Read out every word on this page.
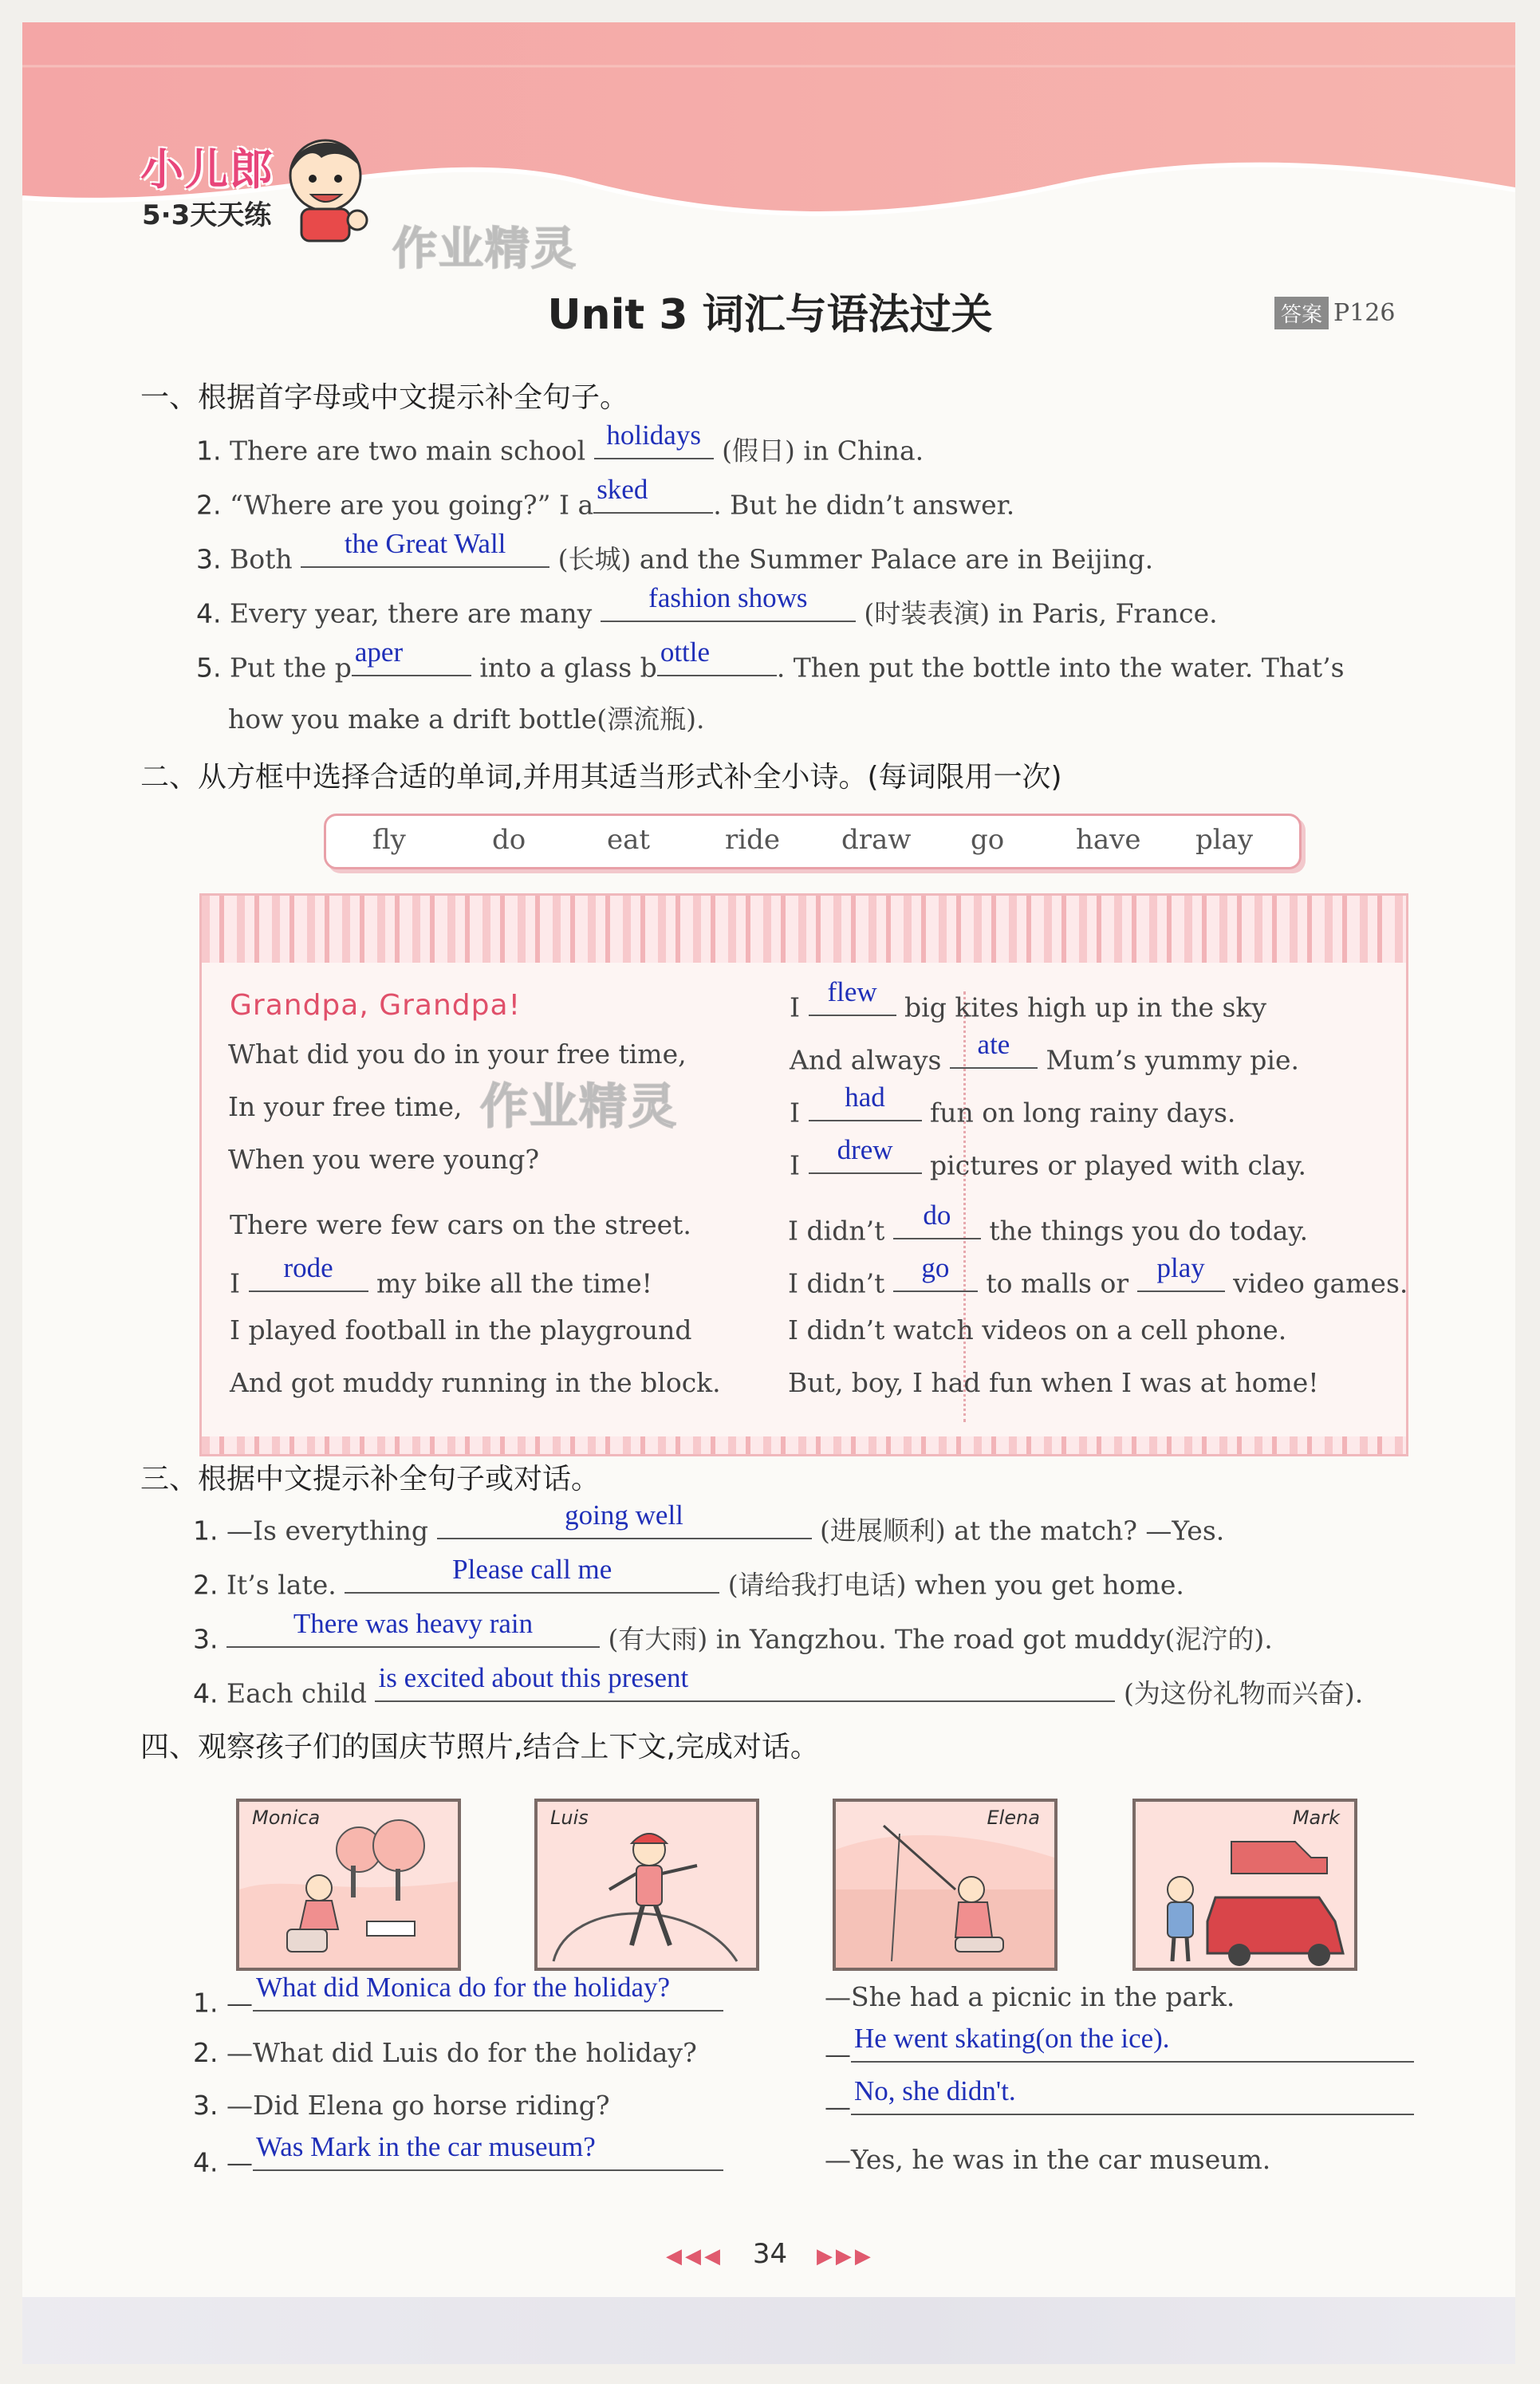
小儿郎
5·3天天练
作业精灵
Unit 3 词汇与语法过关	答案 P126
一、根据首字母或中文提示补全句子。
1. There are two main school holidays (假日) in China.
2. “Where are you going?” I a sked	. But he didn’t answer.
3. Both	the Great Wall	(长城) and the Summer Palace are in Beijing.
4. Every year, there are many	fashion shows	(时装表演) in Paris, France.
5. Put the p aper	into a glass b ottle	. Then put the bottle into the water. That’s
how you make a drift bottle(漂流瓶).
二、从方框中选择合适的单词,并用其适当形式补全小诗。(每词限用一次)
fly	do	eat	ride draw go	have play
作业精灵
Grandpa, Grandpa!
What did you do in your free time,
In your free time,
When you were young?
There were few cars on the street.
I	rode	my bike all the time!
I played football in the playground
And got muddy running in the block.
I flew	big kites high up in the sky
And always	ate	Mum’s yummy pie.
I	had	fun on long rainy days.
I	drew	pictures or played with clay.
I didn’t	do	the things you do today.
I didn’t	go	to malls or	play	video games.
I didn’t watch videos on a cell phone.
But, boy, I had fun when I was at home!
三、根据中文提示补全句子或对话。
1. —Is everything	going well	(进展顺利) at the match? —Yes.
2. It’s late.	Please call me	(请给我打电话) when you get home.
3.	There was heavy rain	(有大雨) in Yangzhou. The road got muddy(泥泞的).
4. Each child is excited about this present	(为这份礼物而兴奋).
四、观察孩子们的国庆节照片,结合上下文,完成对话。
Monica	Luis	Elena	Mark
1. — What did Monica do for the holiday?	—She had a picnic in the park.
2. —What did Luis do for the holiday?	— He went skating(on the ice).
3. —Did Elena go horse riding?	— No, she didn't.
4. — Was Mark in the car museum?	—Yes, he was in the car museum.
◀◀◀ 34 ▶▶▶
